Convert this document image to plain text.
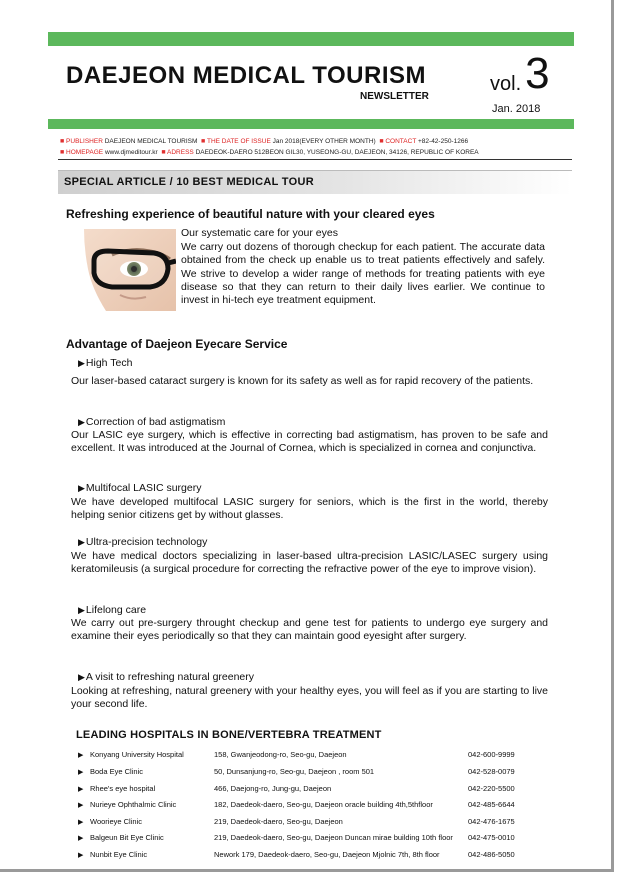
DAEJEON MEDICAL TOURISM
NEWSLETTER
vol.3
Jan. 2018
■ PUBLISHER DAEJEON MEDICAL TOURISM ■ THE DATE OF ISSUE Jan 2018(EVERY OTHER MONTH) ■ CONTACT +82-42-250-1266
■ HOMEPAGE www.djmeditour.kr ■ ADRESS DAEDEOK-DAERO 512BEON GIL30, YUSEONG-GU, DAEJEON, 34126, REPUBLIC OF KOREA
SPECIAL ARTICLE / 10 BEST MEDICAL TOUR
Refreshing experience of beautiful nature with your cleared eyes
Our systematic care for your eyes
We carry out dozens of thorough checkup for each patient. The accurate data obtained from the check up enable us to treat patients effectively and safely. We strive to develop a wider range of methods for treating patients with eye disease so that they can return to their daily lives earlier. We continue to invest in hi-tech eye treatment equipment.
Advantage of Daejeon Eyecare Service
▶High Tech
Our laser-based cataract surgery is known for its safety as well as for rapid recovery of the patients.
▶Correction of bad astigmatism
Our LASIC eye surgery, which is effective in correcting bad astigmatism, has proven to be safe and excellent. It was introduced at the Journal of Cornea, which is specialized in cornea and conjunctiva.
▶Multifocal LASIC surgery
We have developed multifocal LASIC surgery for seniors, which is the first in the world, thereby helping senior citizens get by without glasses.
▶Ultra-precision technology
We have medical doctors specializing in laser-based ultra-precision LASIC/LASEC surgery using keratomileusis (a surgical procedure for correcting the refractive power of the eye to improve vision).
▶Lifelong care
We carry out pre-surgery throught checkup and gene test for patients to undergo eye surgery and examine their eyes periodically so that they can maintain good eyesight after surgery.
▶A visit to refreshing natural greenery
Looking at refreshing, natural greenery with your healthy eyes, you will feel as if you are starting to live your second life.
LEADING HOSPITALS IN BONE/VERTEBRA TREATMENT
▶ Konyang University Hospital	158, Gwanjeodong-ro, Seo-gu, Daejeon	042-600-9999
▶ Boda Eye Clinic	50, Dunsanjung-ro, Seo-gu, Daejeon , room 501	042-528-0079
▶ Rhee's eye hospital	466, Daejong-ro, Jung-gu, Daejeon	042-220-5500
▶ Nurieye Ophthalmic Clinic	182, Daedeok-daero, Seo-gu, Daejeon oracle building 4th,5thfloor	042-485-6644
▶ Woorieye Clinic	219, Daedeok-daero, Seo-gu, Daejeon	042-476-1675
▶ Balgeun Bit Eye Clinic	219, Daedeok-daero, Seo-gu, Daejeon Duncan mirae building 10th floor 042-475-0010
▶ Nunbit Eye Clinic	Nework 179, Daedeok-daero, Seo-gu, Daejeon Mjolnic 7th, 8th floor	042-486-5050
